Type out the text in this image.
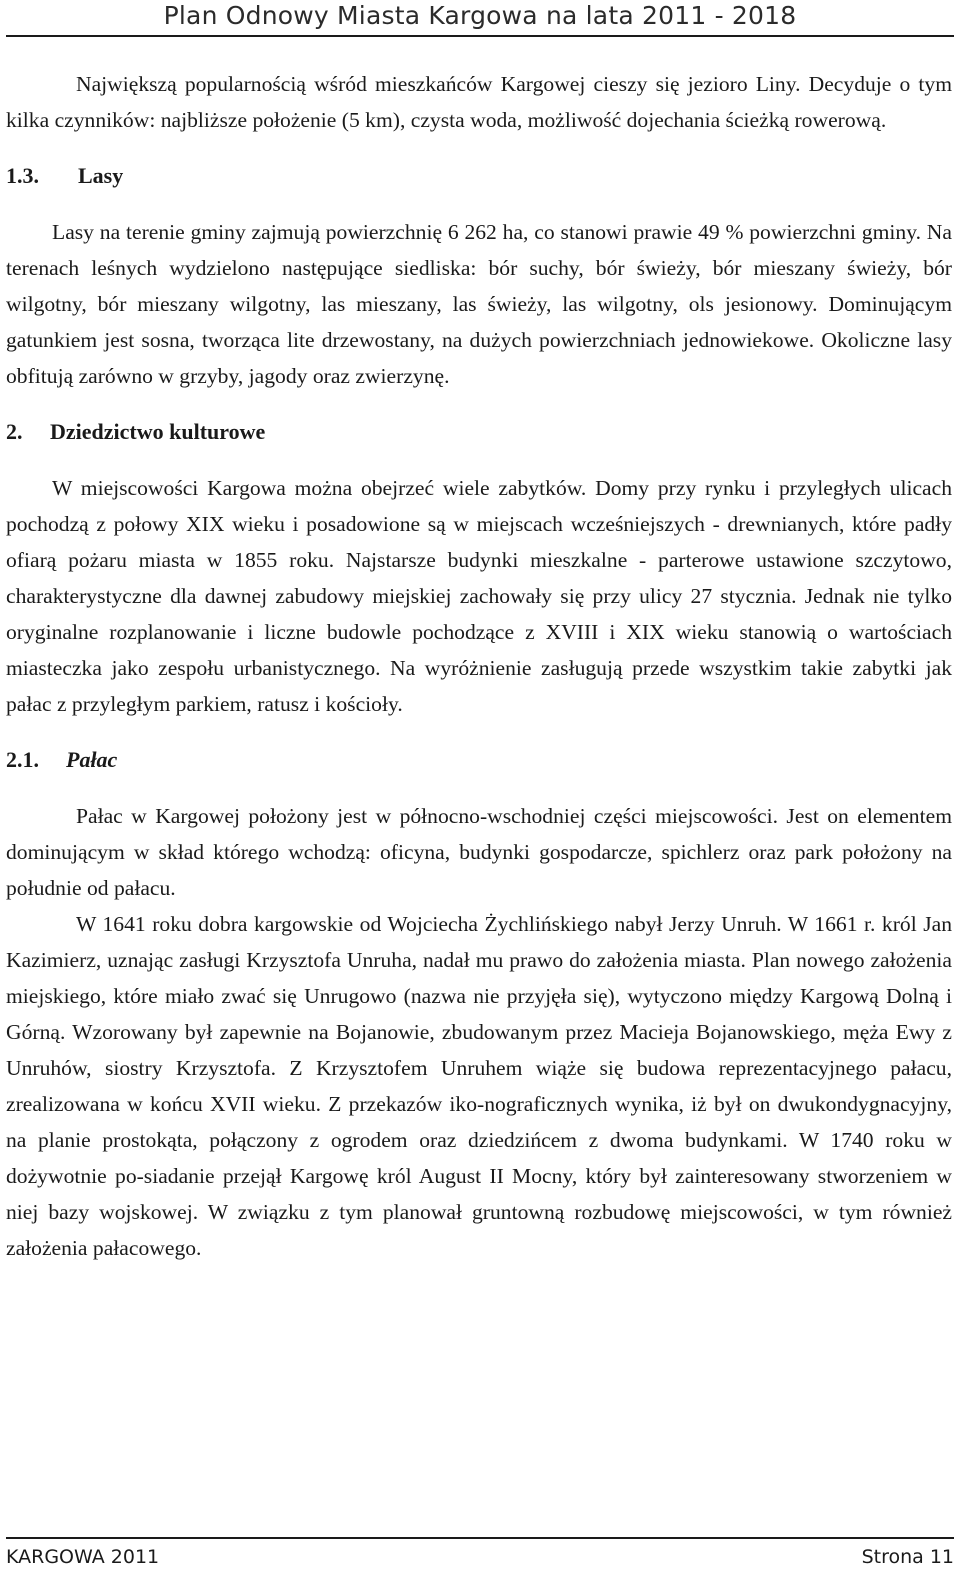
Plan Odnowy Miasta Kargowa na lata 2011 - 2018

Największą popularnością wśród mieszkańców Kargowej cieszy się jezioro Liny. Decyduje o tym kilka czynników: najbliższe położenie (5 km), czysta woda, możliwość dojechania ścieżką rowerową.

1.3.	Lasy

Lasy na terenie gminy zajmują powierzchnię 6 262 ha, co stanowi prawie 49 % powierzchni gminy. Na terenach leśnych wydzielono następujące siedliska: bór suchy, bór świeży, bór mieszany świeży, bór wilgotny, bór mieszany wilgotny, las mieszany, las świeży, las wilgotny, ols jesionowy. Dominującym gatunkiem jest sosna, tworząca lite drzewostany, na dużych powierzchniach jednowiekowe. Okoliczne lasy obfitują zarówno w grzyby, jagody oraz zwierzynę.

2.	Dziedzictwo kulturowe

W miejscowości Kargowa można obejrzeć wiele zabytków. Domy przy rynku i przyległych ulicach pochodzą z połowy XIX wieku i posadowione są w miejscach wcześniejszych - drewnianych, które padły ofiarą pożaru miasta w 1855 roku. Najstarsze budynki mieszkalne - parterowe ustawione szczytowo, charakterystyczne dla dawnej zabudowy miejskiej zachowały się przy ulicy 27 stycznia. Jednak nie tylko oryginalne rozplanowanie i liczne budowle pochodzące z XVIII i XIX wieku stanowią o wartościach miasteczka jako zespołu urbanistycznego. Na wyróżnienie zasługują przede wszystkim takie zabytki jak pałac z przyległym parkiem, ratusz i kościoły.

2.1.	Pałac

Pałac w Kargowej położony jest w północno-wschodniej części miejscowości. Jest on elementem dominującym w skład którego wchodzą: oficyna, budynki gospodarcze, spichlerz oraz park położony na południe od pałacu.

W 1641 roku dobra kargowskie od Wojciecha Żychlińskiego nabył Jerzy Unruh. W 1661 r. król Jan Kazimierz, uznając zasługi Krzysztofa Unruha, nadał mu prawo do założenia miasta. Plan nowego założenia miejskiego, które miało zwać się Unrugowo (nazwa nie przyjęła się), wytyczono między Kargową Dolną i Górną. Wzorowany był zapewnie na Bojanowie, zbudowanym przez Macieja Bojanowskiego, męża Ewy z Unruhów, siostry Krzysztofa. Z Krzysztofem Unruhem wiąże się budowa reprezentacyjnego pałacu, zrealizowana w końcu XVII wieku. Z przekazów iko-nograficznych wynika, iż był on dwukondygnacyjny, na planie prostokąta, połączony z ogrodem oraz dziedzińcem z dwoma budynkami. W 1740 roku w dożywotnie po-siadanie przejął Kargowę król August II Mocny, który był zainteresowany stworzeniem w niej bazy wojskowej. W związku z tym planował gruntowną rozbudowę miejscowości, w tym również założenia pałacowego.

KARGOWA 2011	Strona 11
